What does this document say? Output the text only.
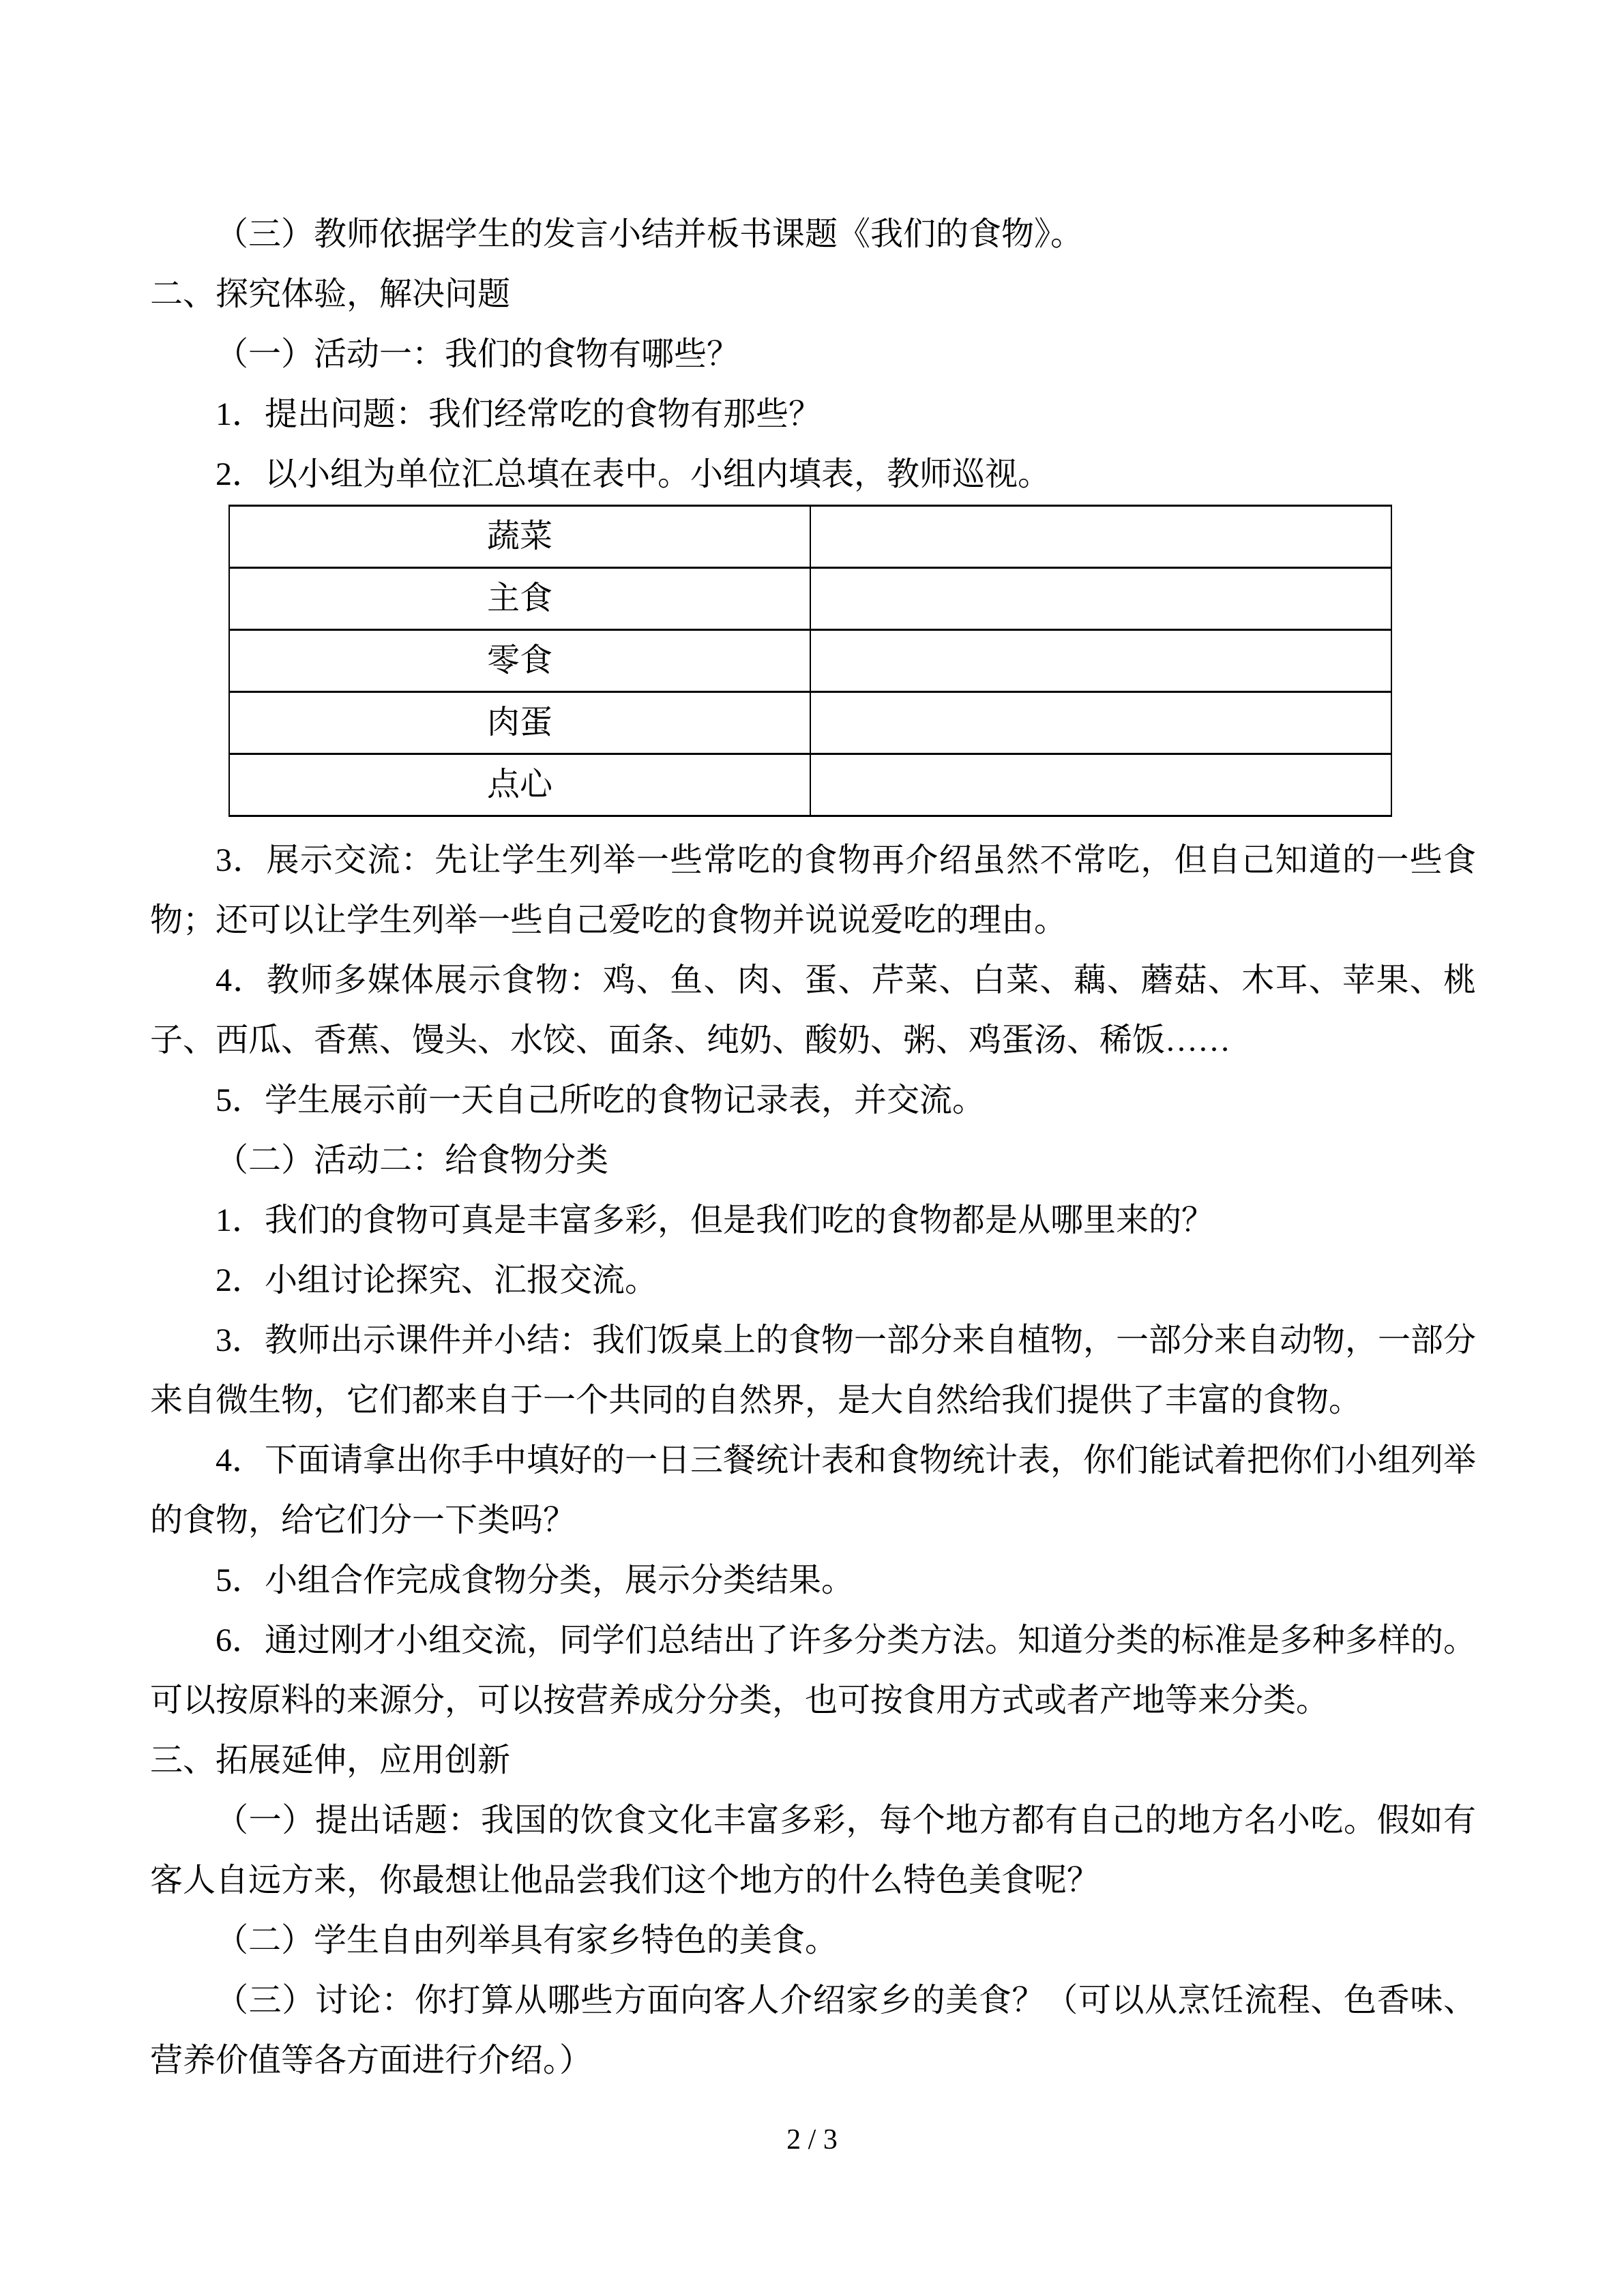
（三）教师依据学生的发言小结并板书课题《我们的食物》。

二、探究体验，解决问题

（一）活动一：我们的食物有哪些？

1．提出问题：我们经常吃的食物有那些？

2．以小组为单位汇总填在表中。小组内填表，教师巡视。

蔬菜	
主食	
零食	
肉蛋	
点心	

3．展示交流：先让学生列举一些常吃的食物再介绍虽然不常吃，但自己知道的一些食物；还可以让学生列举一些自己爱吃的食物并说说爱吃的理由。

4．教师多媒体展示食物：鸡、鱼、肉、蛋、芹菜、白菜、藕、蘑菇、木耳、苹果、桃子、西瓜、香蕉、馒头、水饺、面条、纯奶、酸奶、粥、鸡蛋汤、稀饭……

5．学生展示前一天自己所吃的食物记录表，并交流。

（二）活动二：给食物分类

1．我们的食物可真是丰富多彩，但是我们吃的食物都是从哪里来的？

2．小组讨论探究、汇报交流。

3．教师出示课件并小结：我们饭桌上的食物一部分来自植物，一部分来自动物，一部分来自微生物，它们都来自于一个共同的自然界，是大自然给我们提供了丰富的食物。

4．下面请拿出你手中填好的一日三餐统计表和食物统计表，你们能试着把你们小组列举的食物，给它们分一下类吗？

5．小组合作完成食物分类，展示分类结果。

6．通过刚才小组交流，同学们总结出了许多分类方法。知道分类的标准是多种多样的。可以按原料的来源分，可以按营养成分分类，也可按食用方式或者产地等来分类。

三、拓展延伸，应用创新

（一）提出话题：我国的饮食文化丰富多彩，每个地方都有自己的地方名小吃。假如有客人自远方来，你最想让他品尝我们这个地方的什么特色美食呢？

（二）学生自由列举具有家乡特色的美食。

（三）讨论：你打算从哪些方面向客人介绍家乡的美食？（可以从烹饪流程、色香味、营养价值等各方面进行介绍。）

2 / 3
